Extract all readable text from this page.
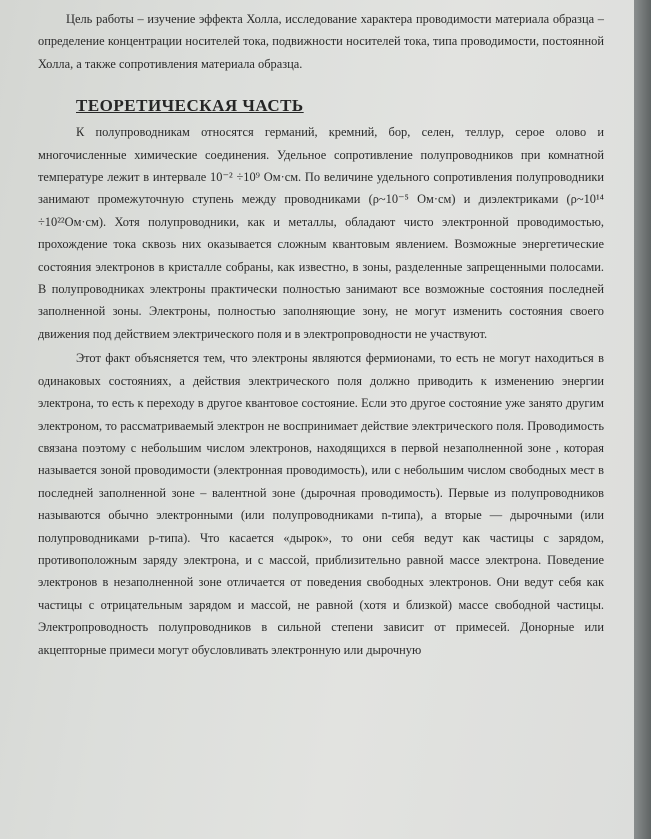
Цель работы – изучение эффекта Холла, исследование характера проводимости материала образца – определение концентрации носителей тока, подвижности носителей тока, типа проводимости, постоянной Холла, а также сопротивления материала образца.

ТЕОРЕТИЧЕСКАЯ ЧАСТЬ

К полупроводникам относятся германий, кремний, бор, селен, теллур, серое олово и многочисленные химические соединения. Удельное сопротивление полупроводников при комнатной температуре лежит в интервале 10⁻² ÷10⁹ Ом·см. По величине удельного сопротивления полупроводники занимают промежуточную ступень между проводниками (ρ~10⁻⁵ Ом·см) и диэлектриками (ρ~10¹⁴ ÷10²²Ом·см). Хотя полупроводники, как и металлы, обладают чисто электронной проводимостью, прохождение тока сквозь них оказывается сложным квантовым явлением. Возможные энергетические состояния электронов в кристалле собраны, как известно, в зоны, разделенные запрещенными полосами. В полупроводниках электроны практически полностью занимают все возможные состояния последней заполненной зоны. Электроны, полностью заполняющие зону, не могут изменить состояния своего движения под действием электрического поля и в электропроводности не участвуют.

Этот факт объясняется тем, что электроны являются фермионами, то есть не могут находиться в одинаковых состояниях, а действия электрического поля должно приводить к изменению энергии электрона, то есть к переходу в другое квантовое состояние. Если это другое состояние уже занято другим электроном, то рассматриваемый электрон не воспринимает действие электрического поля. Проводимость связана поэтому с небольшим числом электронов, находящихся в первой незаполненной зоне , которая называется зоной проводимости (электронная проводимость), или с небольшим числом свободных мест в последней заполненной зоне – валентной зоне (дырочная проводимость). Первые из полупроводников называются обычно электронными (или полупроводниками n-типа), а вторые — дырочными (или полупроводниками p-типа). Что касается «дырок», то они себя ведут как частицы с зарядом, противоположным заряду электрона, и с массой, приблизительно равной массе электрона. Поведение электронов в незаполненной зоне отличается от поведения свободных электронов. Они ведут себя как частицы с отрицательным зарядом и массой, не равной (хотя и близкой) массе свободной частицы. Электропроводность полупроводников в сильной степени зависит от примесей. Донорные или акцепторные примеси могут обусловливать электронную или дырочную
